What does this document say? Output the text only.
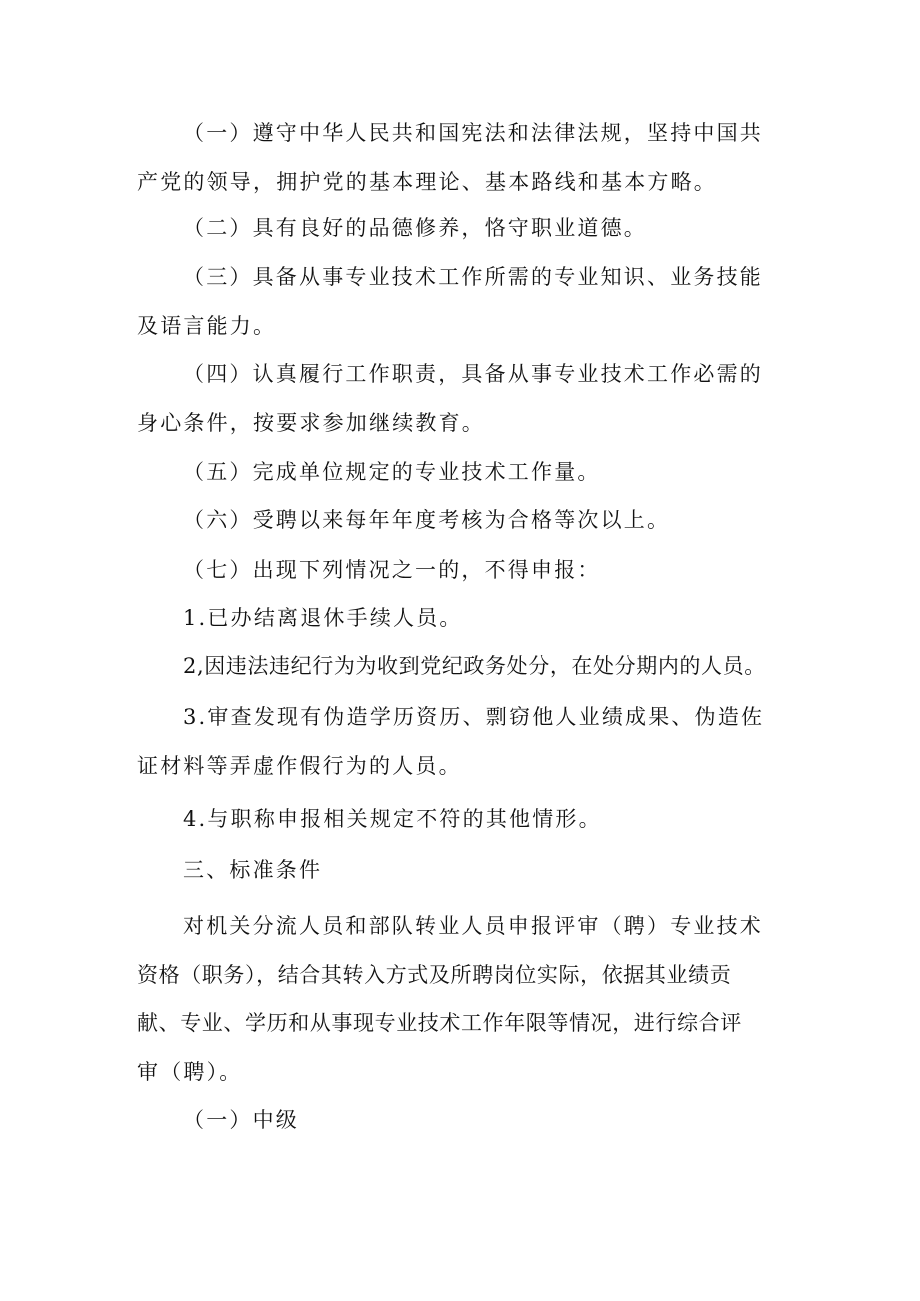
（一）遵守中华人民共和国宪法和法律法规，坚持中国共
产党的领导，拥护党的基本理论、基本路线和基本方略。
（二）具有良好的品德修养，恪守职业道德。
（三）具备从事专业技术工作所需的专业知识、业务技能
及语言能力。
（四）认真履行工作职责，具备从事专业技术工作必需的
身心条件，按要求参加继续教育。
（五）完成单位规定的专业技术工作量。
（六）受聘以来每年年度考核为合格等次以上。
（七）出现下列情况之一的，不得申报：
1.已办结离退休手续人员。
2,因违法违纪行为为收到党纪政务处分，在处分期内的人员。
3.审查发现有伪造学历资历、剽窃他人业绩成果、伪造佐
证材料等弄虚作假行为的人员。
4.与职称申报相关规定不符的其他情形。
三、标准条件
对机关分流人员和部队转业人员申报评审（聘）专业技术
资格（职务），结合其转入方式及所聘岗位实际，依据其业绩贡
献、专业、学历和从事现专业技术工作年限等情况，进行综合评
审（聘）。
（一）中级
